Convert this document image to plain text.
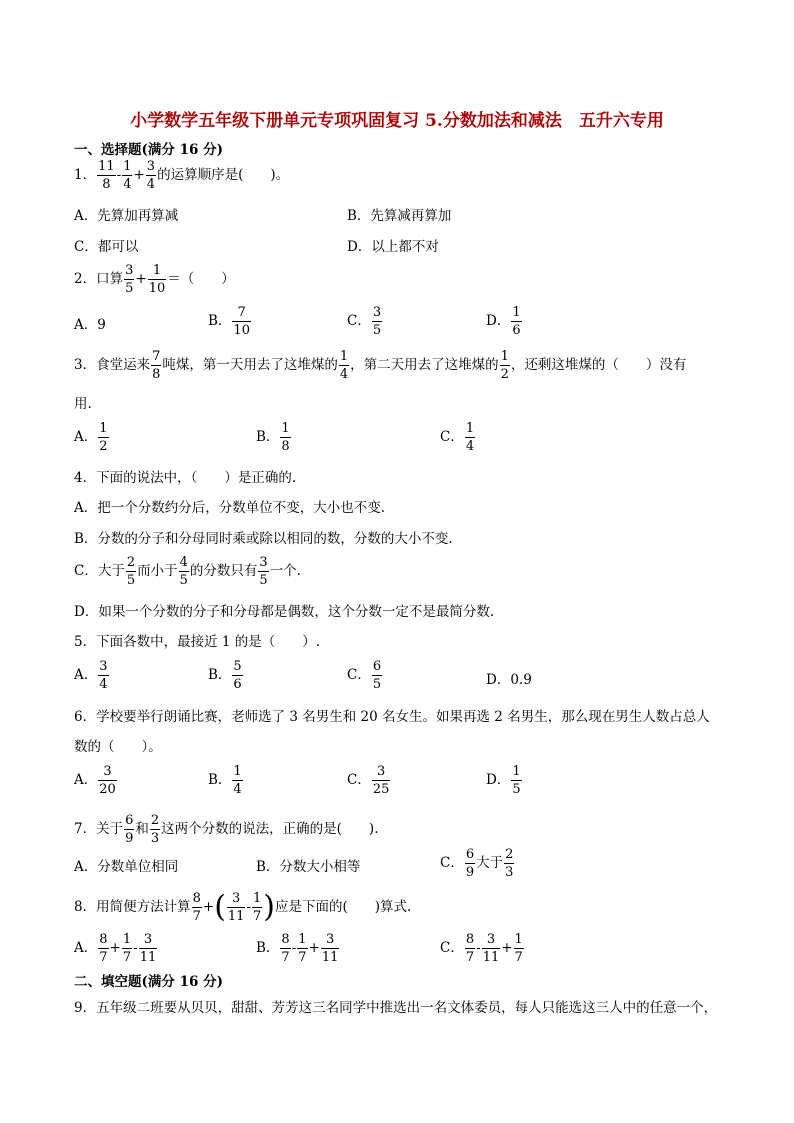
小学数学五年级下册单元专项巩固复习 5.分数加法和减法　五升六专用
一、选择题(满分 16 分)
1． $\frac{11}{8} - \frac{1}{4} + \frac{3}{4}$ 的运算顺序是(　　)。
A．先算加再算减	B．先算减再算加
C．都可以	D．以上都不对
2．口算 $\frac{3}{5} + \frac{1}{10}$ ＝（　　）
A．9	B． $\frac{7}{10}$	C． $\frac{3}{5}$	D． $\frac{1}{6}$
3．食堂运来 $\frac{7}{8}$ 吨煤，第一天用去了这堆煤的 $\frac{1}{4}$ ，第二天用去了这堆煤的 $\frac{1}{2}$ ，还剩这堆煤的（　　）没有
用.
A． $\frac{1}{2}$	B． $\frac{1}{8}$	C． $\frac{1}{4}$
4．下面的说法中，（　　）是正确的.
A．把一个分数约分后，分数单位不变，大小也不变.
B．分数的分子和分母同时乘或除以相同的数，分数的大小不变.
C．大于 $\frac{2}{5}$ 而小于 $\frac{4}{5}$ 的分数只有 $\frac{3}{5}$ 一个.
D．如果一个分数的分子和分母都是偶数，这个分数一定不是最简分数.
5．下面各数中，最接近 1 的是（　　）.
A． $\frac{3}{4}$	B． $\frac{5}{6}$	C． $\frac{6}{5}$	D．0.9
6．学校要举行朗诵比赛，老师选了 3 名男生和 20 名女生。如果再选 2 名男生，那么现在男生人数占总人
数的（　　）。
A． $\frac{3}{20}$	B． $\frac{1}{4}$	C． $\frac{3}{25}$	D． $\frac{1}{5}$
7．关于 $\frac{6}{9}$ 和 $\frac{2}{3}$ 这两个分数的说法，正确的是(　　).
A．分数单位相同	B．分数大小相等	C． $\frac{6}{9}$ 大于 $\frac{2}{3}$
8．用简便方法计算 $\frac{8}{7}$ +( $\frac{3}{11} - \frac{1}{7}$ )应是下面的(　　)算式.
A． $\frac{8}{7} + \frac{1}{7} - \frac{3}{11}$	B． $\frac{8}{7} - \frac{1}{7} + \frac{3}{11}$	C． $\frac{8}{7} - \frac{3}{11} + \frac{1}{7}$
二、填空题(满分 16 分)
9．五年级二班要从贝贝，甜甜、芳芳这三名同学中推选出一名文体委员，每人只能选这三人中的任意一个，
